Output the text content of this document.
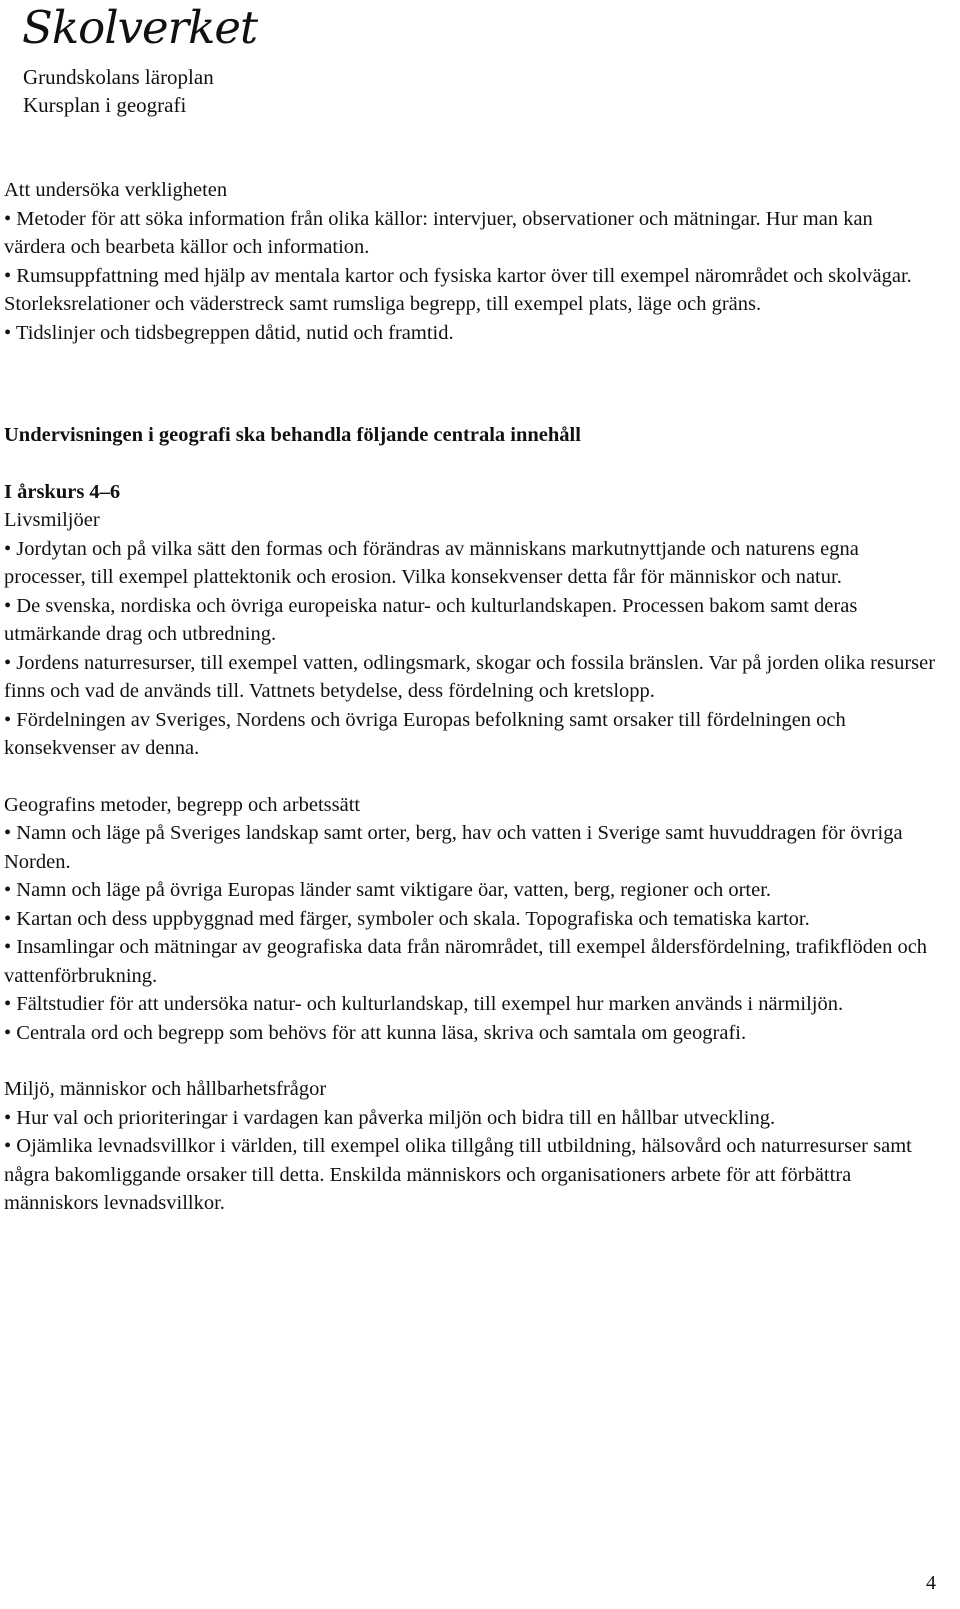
Skolverket
Grundskolans läroplan
Kursplan i geografi
Att undersöka verkligheten

• Metoder för att söka information från olika källor: intervjuer, observationer och mätningar. Hur man kan värdera och bearbeta källor och information.

• Rumsuppfattning med hjälp av mentala kartor och fysiska kartor över till exempel närområdet och skolvägar. Storleksrelationer och väderstreck samt rumsliga begrepp, till exempel plats, läge och gräns.

• Tidslinjer och tidsbegreppen dåtid, nutid och framtid.

Undervisningen i geografi ska behandla följande centrala innehåll
I årskurs 4–6
Livsmiljöer

• Jordytan och på vilka sätt den formas och förändras av människans markutnyttjande och naturens egna processer, till exempel plattektonik och erosion. Vilka konsekvenser detta får för människor och natur.

• De svenska, nordiska och övriga europeiska natur- och kulturlandskapen. Processen bakom samt deras utmärkande drag och utbredning.

• Jordens naturresurser, till exempel vatten, odlingsmark, skogar och fossila bränslen. Var på jorden olika resurser finns och vad de används till. Vattnets betydelse, dess fördelning och kretslopp.

• Fördelningen av Sveriges, Nordens och övriga Europas befolkning samt orsaker till fördelningen och konsekvenser av denna.

Geografins metoder, begrepp och arbetssätt

• Namn och läge på Sveriges landskap samt orter, berg, hav och vatten i Sverige samt huvuddragen för övriga Norden.

• Namn och läge på övriga Europas länder samt viktigare öar, vatten, berg, regioner och orter.

• Kartan och dess uppbyggnad med färger, symboler och skala. Topografiska och tematiska kartor.

• Insamlingar och mätningar av geografiska data från närområdet, till exempel åldersfördelning, trafikflöden och vattenförbrukning.

• Fältstudier för att undersöka natur- och kulturlandskap, till exempel hur marken används i närmiljön.

• Centrala ord och begrepp som behövs för att kunna läsa, skriva och samtala om geografi.

Miljö, människor och hållbarhetsfrågor

• Hur val och prioriteringar i vardagen kan påverka miljön och bidra till en hållbar utveckling.

• Ojämlika levnadsvillkor i världen, till exempel olika tillgång till utbildning, hälsovård och naturresurser samt några bakomliggande orsaker till detta. Enskilda människors och organisationers arbete för att förbättra människors levnadsvillkor.

4
